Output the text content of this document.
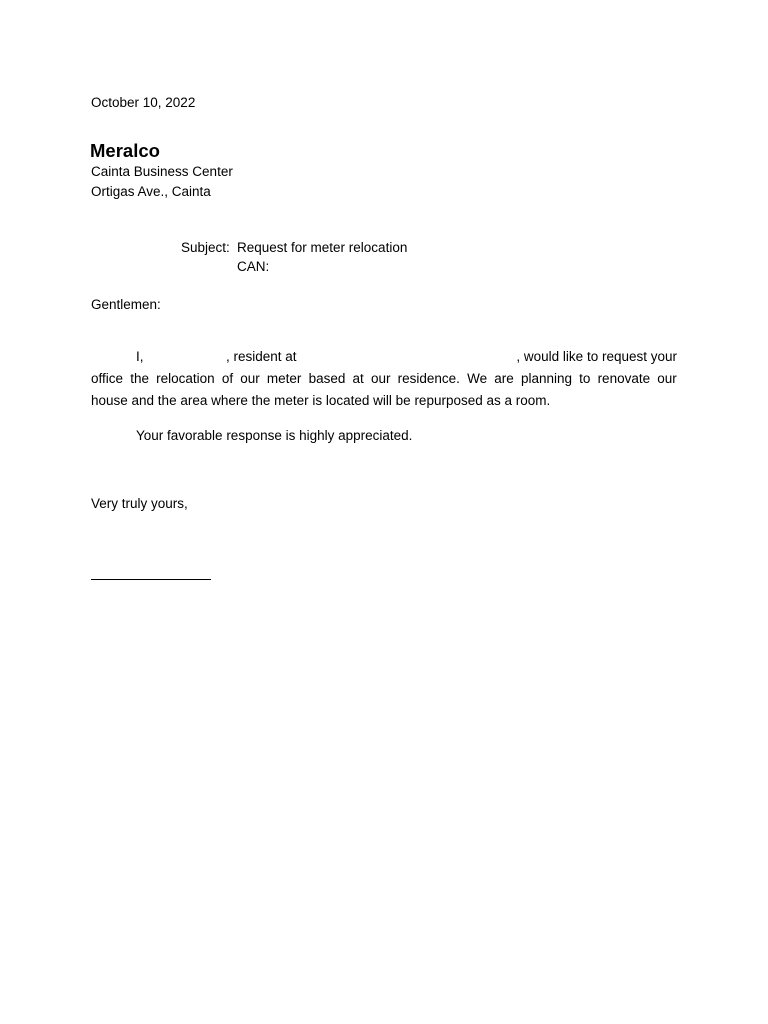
October 10, 2022
Meralco
Cainta Business Center
Ortigas Ave., Cainta
Subject: Request for meter relocation
CAN:
Gentlemen:
I,	, resident at	, would like to request your
office the relocation of our meter based at our residence. We are planning to renovate our
house and the area where the meter is located will be repurposed as a room.
Your favorable response is highly appreciated.
Very truly yours,
